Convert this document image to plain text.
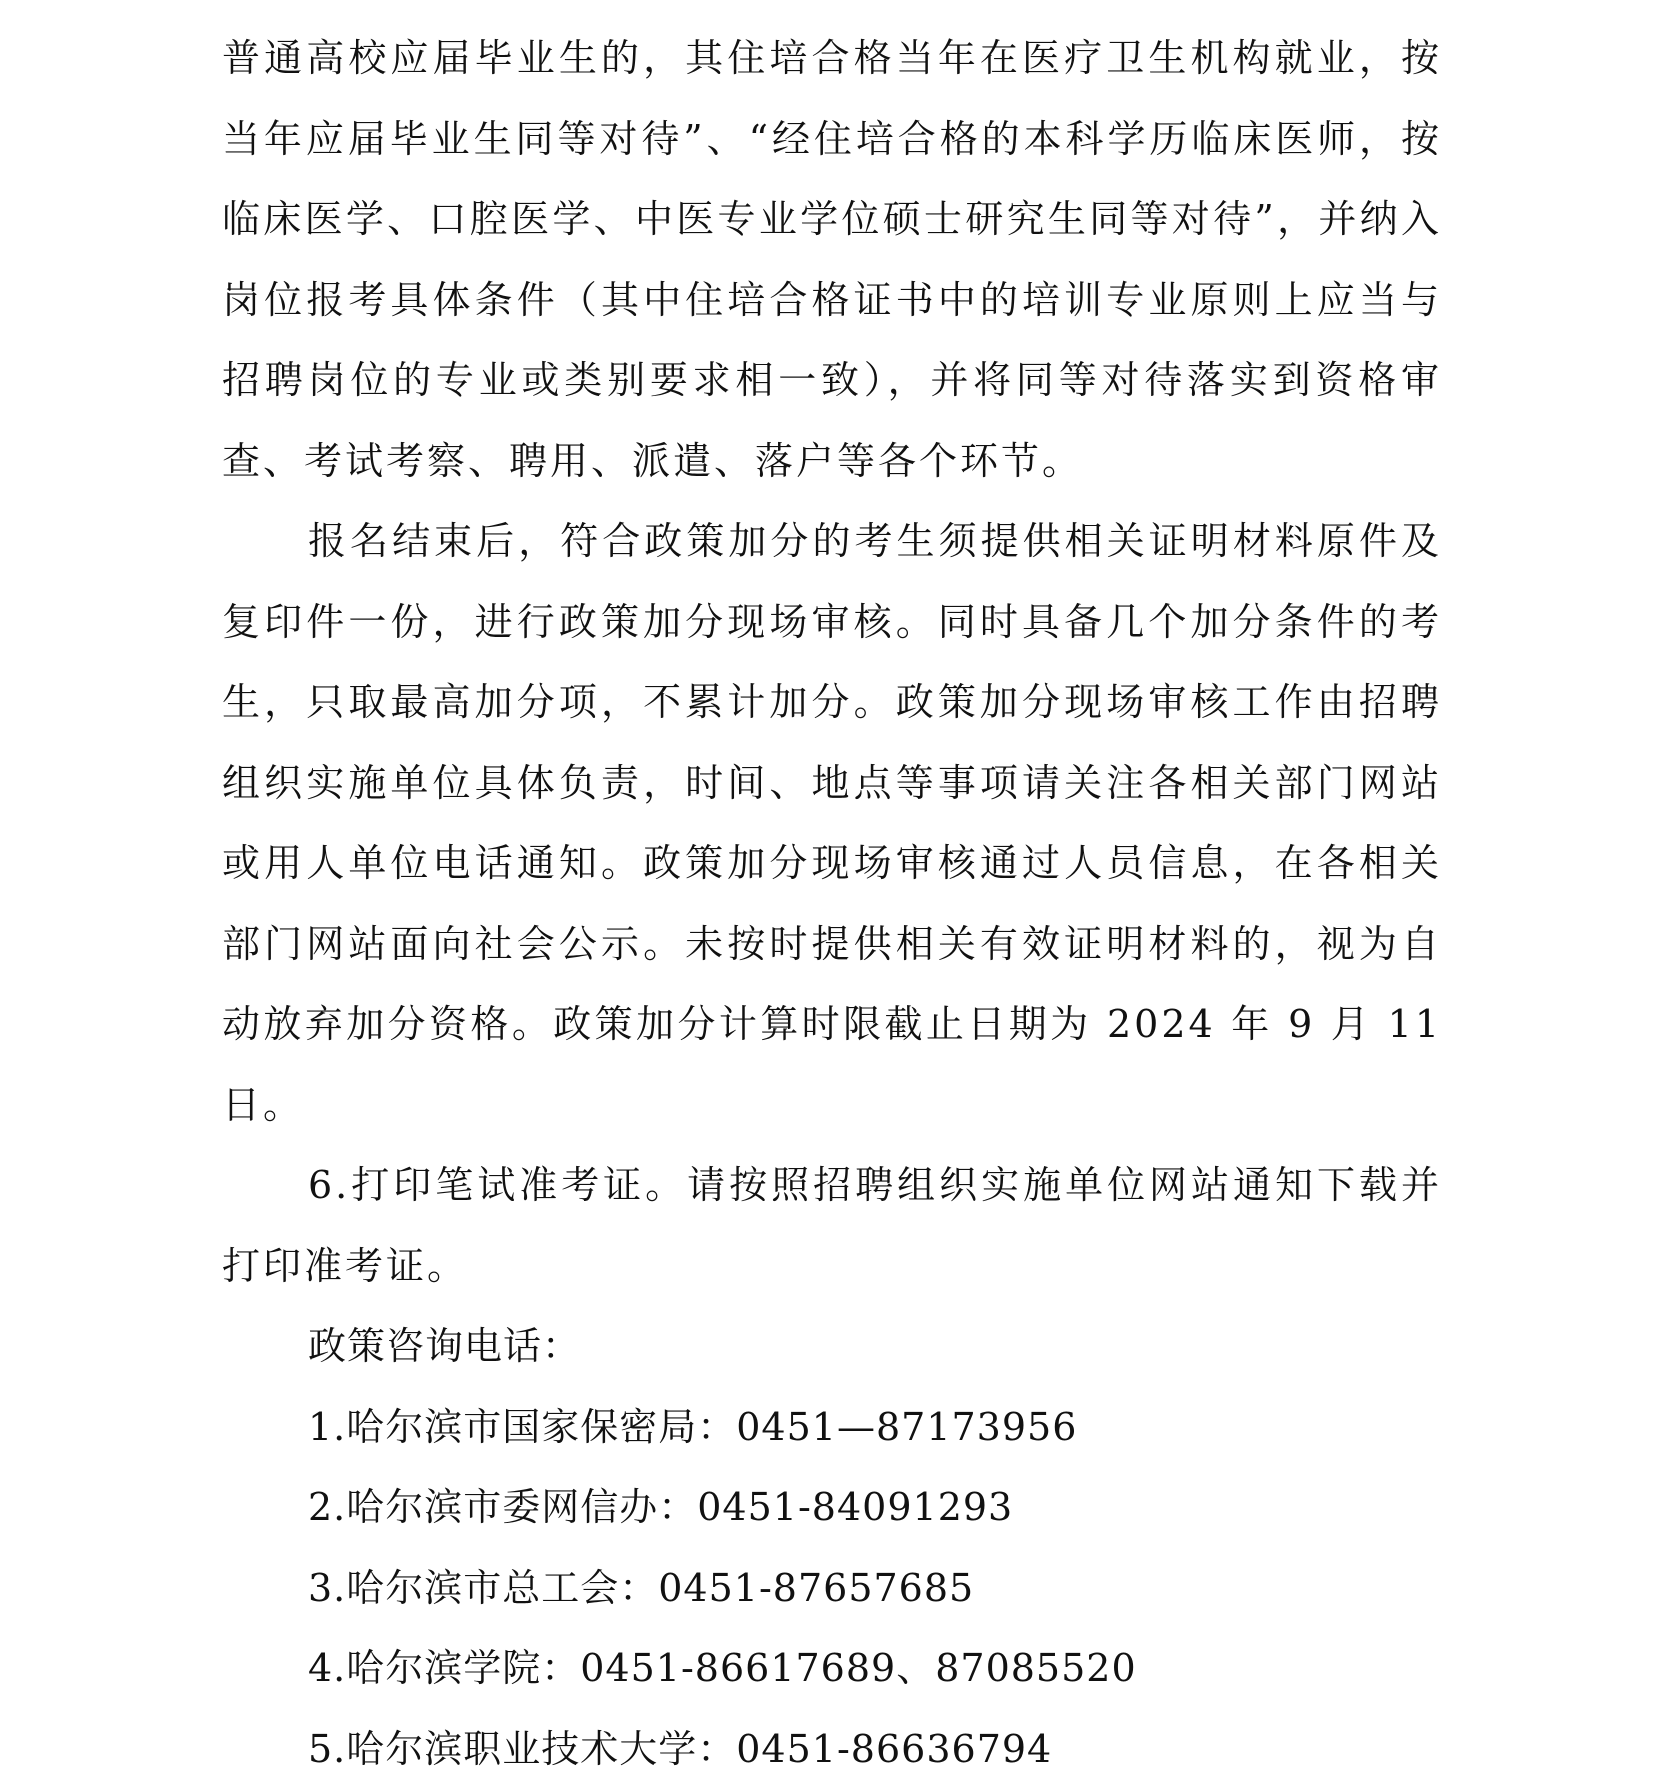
普通高校应届毕业生的，其住培合格当年在医疗卫生机构就业，按当年应届毕业生同等对待”、“经住培合格的本科学历临床医师，按临床医学、口腔医学、中医专业学位硕士研究生同等对待”，并纳入岗位报考具体条件（其中住培合格证书中的培训专业原则上应当与招聘岗位的专业或类别要求相一致），并将同等对待落实到资格审查、考试考察、聘用、派遣、落户等各个环节。

报名结束后，符合政策加分的考生须提供相关证明材料原件及复印件一份，进行政策加分现场审核。同时具备几个加分条件的考生，只取最高加分项，不累计加分。政策加分现场审核工作由招聘组织实施单位具体负责，时间、地点等事项请关注各相关部门网站或用人单位电话通知。政策加分现场审核通过人员信息，在各相关部门网站面向社会公示。未按时提供相关有效证明材料的，视为自动放弃加分资格。政策加分计算时限截止日期为 2024 年 9 月 11 日。

6.打印笔试准考证。请按照招聘组织实施单位网站通知下载并打印准考证。

政策咨询电话：

1.哈尔滨市国家保密局：0451—87173956

2.哈尔滨市委网信办：0451-84091293

3.哈尔滨市总工会：0451-87657685

4.哈尔滨学院：0451-86617689、87085520

5.哈尔滨职业技术大学：0451-86636794
